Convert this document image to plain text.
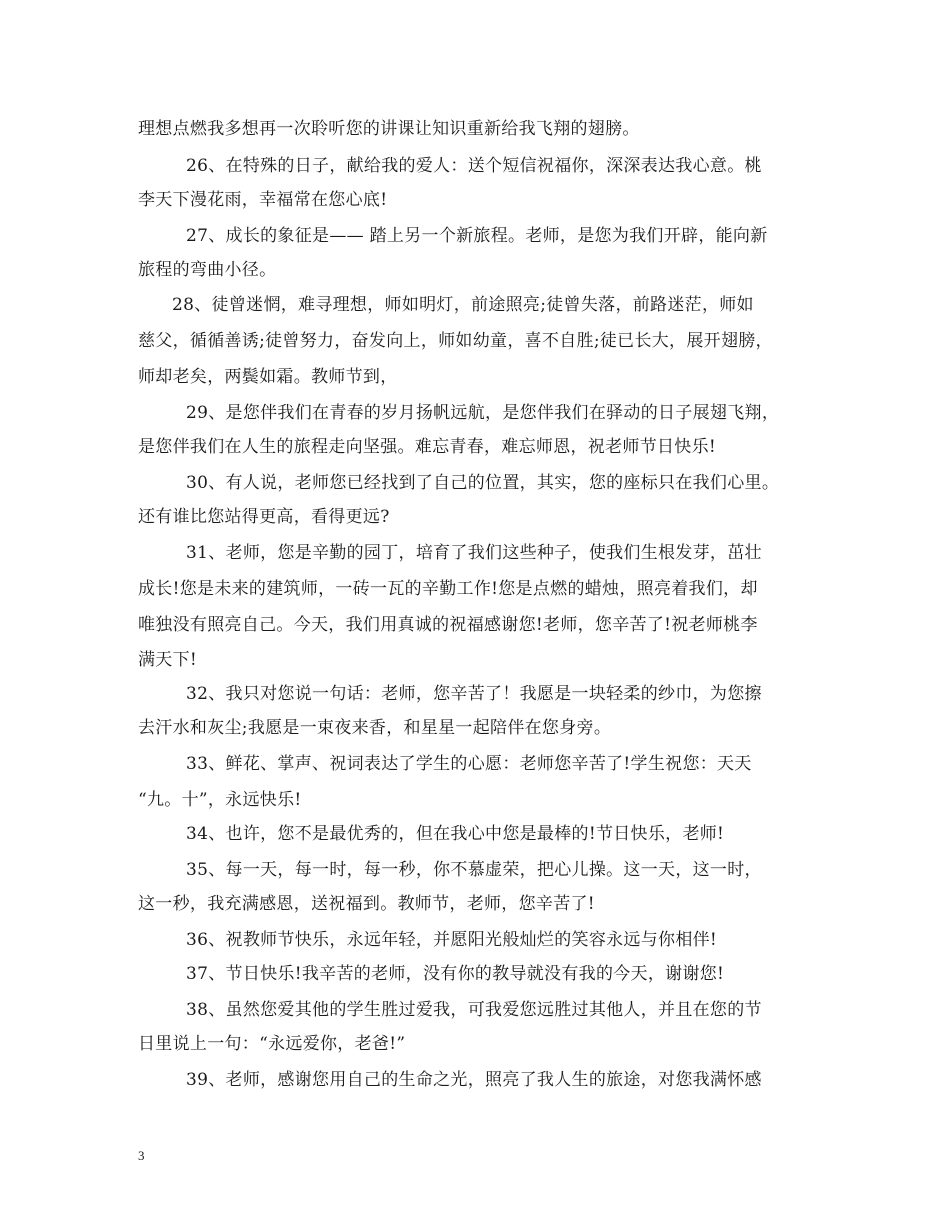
理想点燃我多想再一次聆听您的讲课让知识重新给我飞翔的翅膀。
26、在特殊的日子，献给我的爱人：送个短信祝福你，深深表达我心意。桃
李天下漫花雨，幸福常在您心底!
27、成长的象征是—— 踏上另一个新旅程。老师，是您为我们开辟，能向新
旅程的弯曲小径。
28、徒曾迷惘，难寻理想，师如明灯，前途照亮;徒曾失落，前路迷茫，师如
慈父，循循善诱;徒曾努力，奋发向上，师如幼童，喜不自胜;徒已长大，展开翅膀，
师却老矣，两鬓如霜。教师节到，
29、是您伴我们在青春的岁月扬帆远航，是您伴我们在驿动的日子展翅飞翔，
是您伴我们在人生的旅程走向坚强。难忘青春，难忘师恩，祝老师节日快乐!
30、有人说，老师您已经找到了自己的位置，其实，您的座标只在我们心里。
还有谁比您站得更高，看得更远?
31、老师，您是辛勤的园丁，培育了我们这些种子，使我们生根发芽，茁壮
成长!您是未来的建筑师，一砖一瓦的辛勤工作!您是点燃的蜡烛，照亮着我们，却
唯独没有照亮自己。今天，我们用真诚的祝福感谢您!老师，您辛苦了!祝老师桃李
满天下!
32、我只对您说一句话：老师，您辛苦了！我愿是一块轻柔的纱巾，为您擦
去汗水和灰尘;我愿是一束夜来香，和星星一起陪伴在您身旁。
33、鲜花、掌声、祝词表达了学生的心愿：老师您辛苦了!学生祝您：天天
“九。十”，永远快乐!
34、也许，您不是最优秀的，但在我心中您是最棒的!节日快乐，老师!
35、每一天，每一时，每一秒，你不慕虚荣，把心儿操。这一天，这一时，
这一秒，我充满感恩，送祝福到。教师节，老师，您辛苦了!
36、祝教师节快乐，永远年轻，并愿阳光般灿烂的笑容永远与你相伴!
37、节日快乐!我辛苦的老师，没有你的教导就没有我的今天，谢谢您!
38、虽然您爱其他的学生胜过爱我，可我爱您远胜过其他人，并且在您的节
日里说上一句：“永远爱你，老爸!”
39、老师，感谢您用自己的生命之光，照亮了我人生的旅途，对您我满怀感
3
